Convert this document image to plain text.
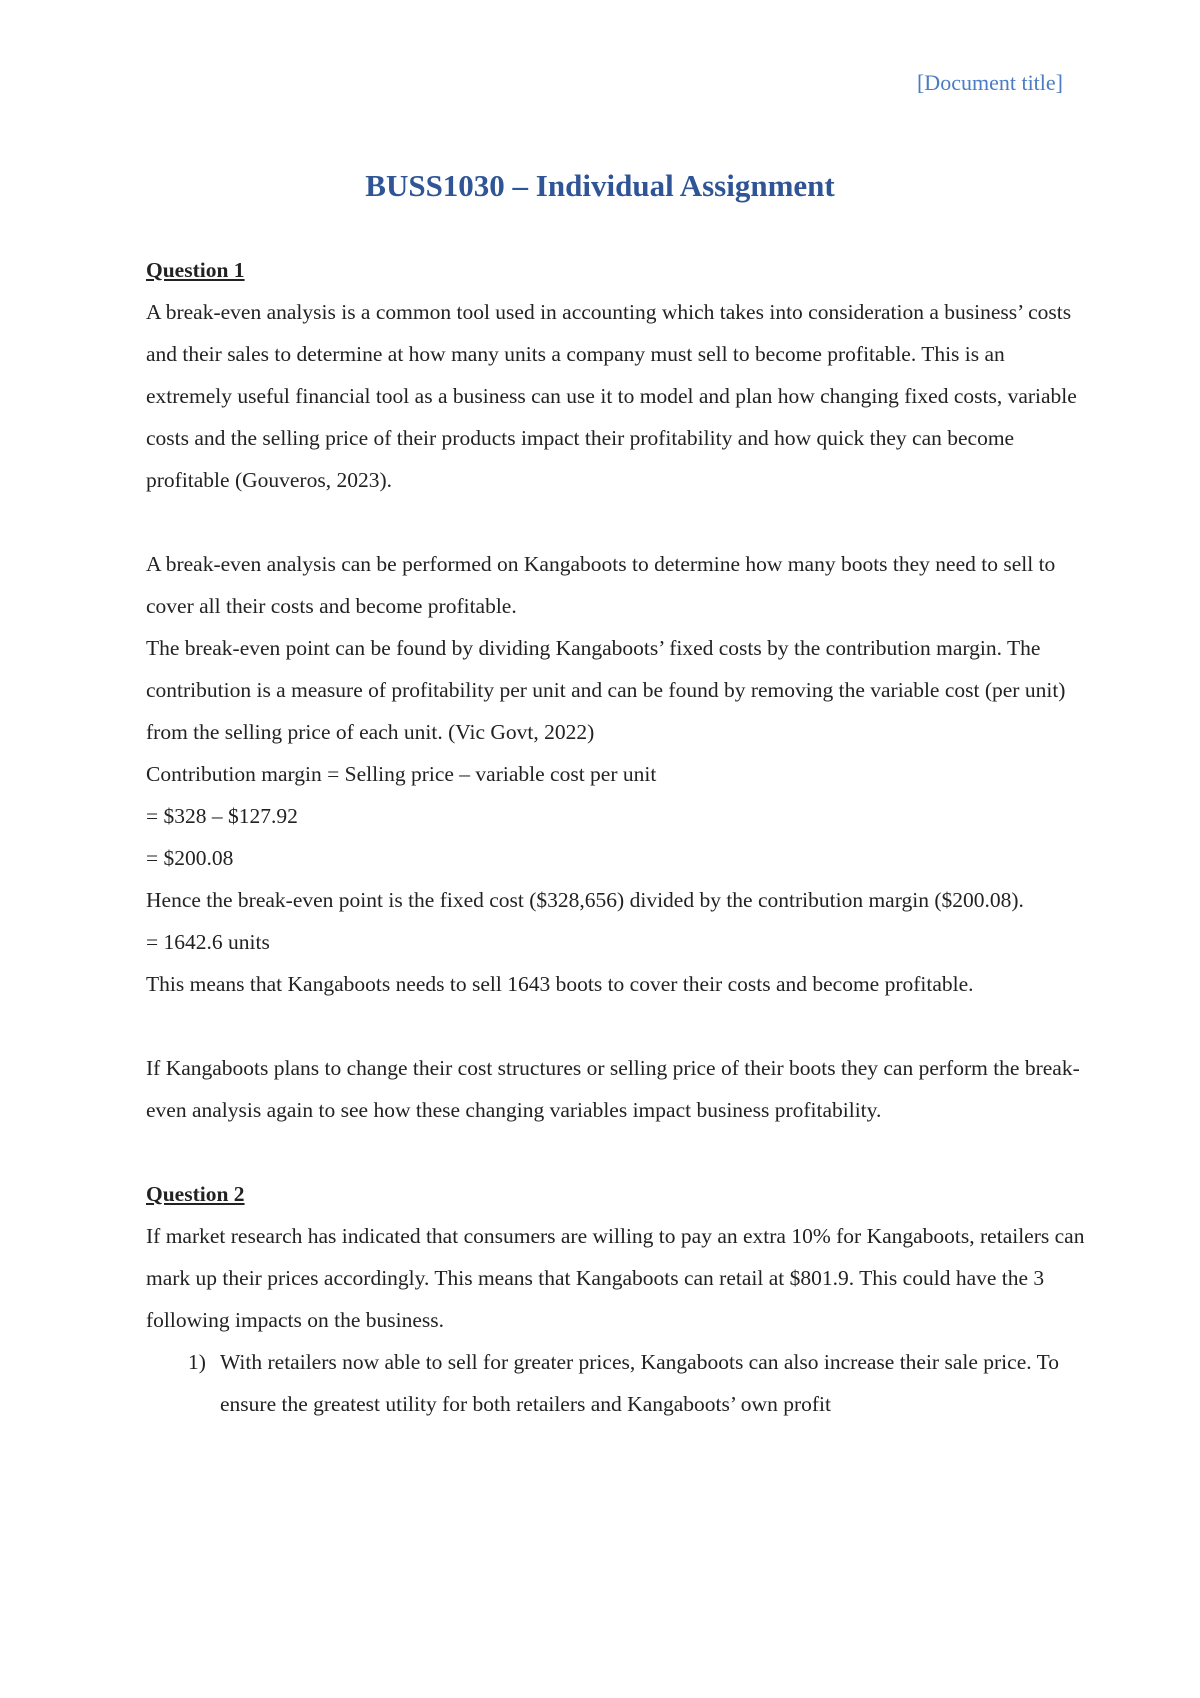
[Document title]
BUSS1030 – Individual Assignment

Question 1

A break-even analysis is a common tool used in accounting which takes into consideration a business’ costs and their sales to determine at how many units a company must sell to become profitable. This is an extremely useful financial tool as a business can use it to model and plan how changing fixed costs, variable costs and the selling price of their products impact their profitability and how quick they can become profitable (Gouveros, 2023).

A break-even analysis can be performed on Kangaboots to determine how many boots they need to sell to cover all their costs and become profitable.

The break-even point can be found by dividing Kangaboots’ fixed costs by the contribution margin. The contribution is a measure of profitability per unit and can be found by removing the variable cost (per unit) from the selling price of each unit. (Vic Govt, 2022)

Contribution margin = Selling price – variable cost per unit

= $328 – $127.92

= $200.08

Hence the break-even point is the fixed cost ($328,656) divided by the contribution margin ($200.08).

= 1642.6 units

This means that Kangaboots needs to sell 1643 boots to cover their costs and become profitable.

If Kangaboots plans to change their cost structures or selling price of their boots they can perform the break-even analysis again to see how these changing variables impact business profitability.

Question 2

If market research has indicated that consumers are willing to pay an extra 10% for Kangaboots, retailers can mark up their prices accordingly. This means that Kangaboots can retail at $801.9. This could have the 3 following impacts on the business.

1) With retailers now able to sell for greater prices, Kangaboots can also increase their sale price. To ensure the greatest utility for both retailers and Kangaboots’ own profit
